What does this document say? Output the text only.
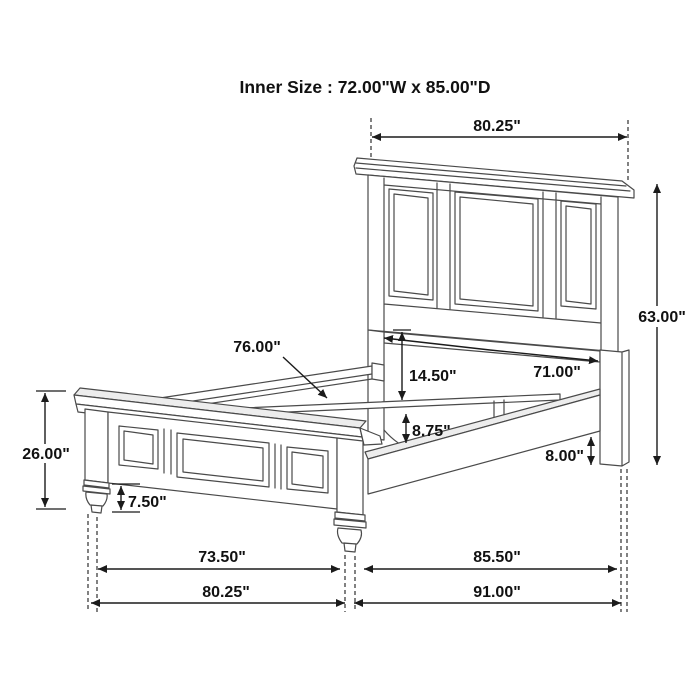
Inner Size : 72.00"W x 85.00"D
80.25"
63.00"
76.00"
14.50"	71.00"
8.75"
8.00"
26.00"
7.50"
73.50"	85.50"
80.25"	91.00"
